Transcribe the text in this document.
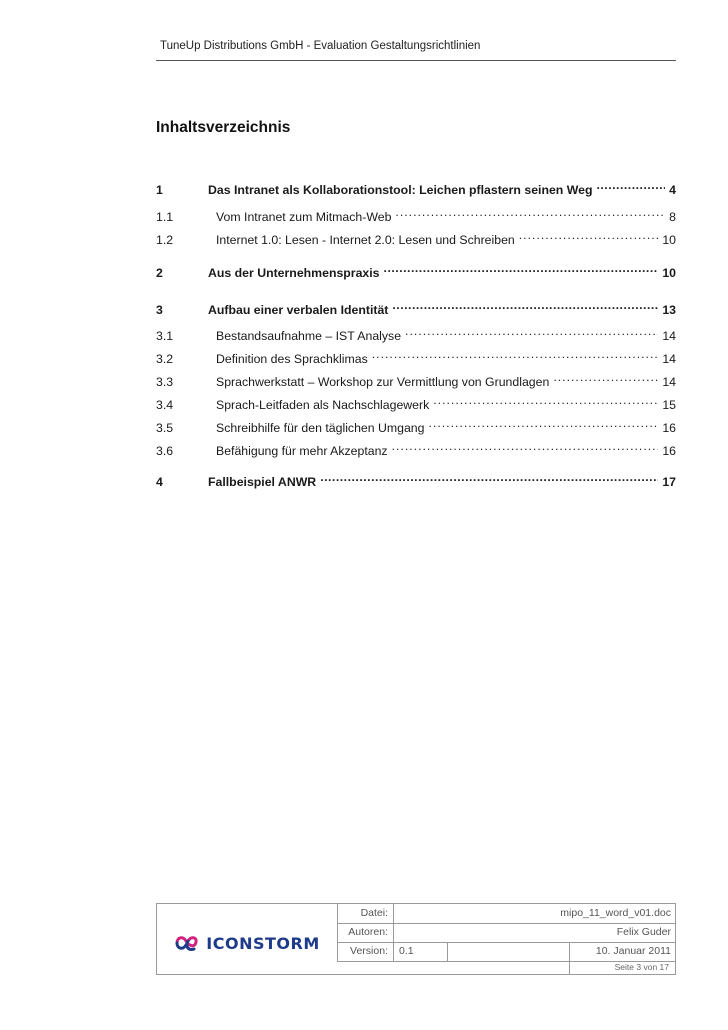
TuneUp Distributions GmbH - Evaluation Gestaltungsrichtlinien
Inhaltsverzeichnis
1	Das Intranet als Kollaborationstool: Leichen pflastern seinen Weg .....	4
1.1	Vom Intranet zum Mitmach-Web .....	8
1.2	Internet 1.0: Lesen - Internet 2.0: Lesen und Schreiben .....	10
2	Aus der Unternehmenspraxis .....	10
3	Aufbau einer verbalen Identität .....	13
3.1	Bestandsaufnahme – IST Analyse .....	14
3.2	Definition des Sprachklimas .....	14
3.3	Sprachwerkstatt – Workshop zur Vermittlung von Grundlagen .....	14
3.4	Sprach-Leitfaden als Nachschlagewerk .....	15
3.5	Schreibhilfe für den täglichen Umgang .....	16
3.6	Befähigung für mehr Akzeptanz .....	16
4	Fallbeispiel ANWR .....	17
ICONSTORM
Datei:	mipo_11_word_v01.doc
Autoren:	Felix Guder
Version:	0.1	10. Januar 2011
Seite 3 von 17
